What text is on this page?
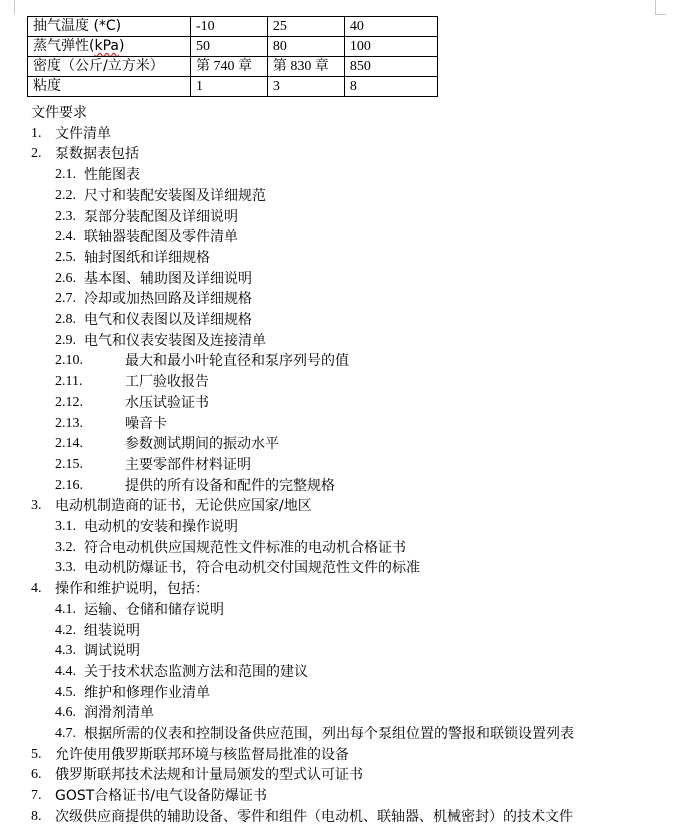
抽气温度 (*C)	-10	25	40
蒸气弹性(kPa)	50	80	100
密度（公斤/立方米）	第 740 章	第 830 章	850
粘度	1	3	8
文件要求
1. 文件清单
2. 泵数据表包括
2.1. 性能图表
2.2. 尺寸和装配安装图及详细规范
2.3. 泵部分装配图及详细说明
2.4. 联轴器装配图及零件清单
2.5. 轴封图纸和详细规格
2.6. 基本图、辅助图及详细说明
2.7. 冷却或加热回路及详细规格
2.8. 电气和仪表图以及详细规格
2.9. 电气和仪表安装图及连接清单
2.10.	最大和最小叶轮直径和泵序列号的值
2.11.	工厂验收报告
2.12.	水压试验证书
2.13.	噪音卡
2.14.	参数测试期间的振动水平
2.15.	主要零部件材料证明
2.16.	提供的所有设备和配件的完整规格
3. 电动机制造商的证书，无论供应国家/地区
3.1. 电动机的安装和操作说明
3.2. 符合电动机供应国规范性文件标准的电动机合格证书
3.3. 电动机防爆证书，符合电动机交付国规范性文件的标准
4. 操作和维护说明，包括：
4.1. 运输、仓储和储存说明
4.2. 组装说明
4.3. 调试说明
4.4. 关于技术状态监测方法和范围的建议
4.5. 维护和修理作业清单
4.6. 润滑剂清单
4.7. 根据所需的仪表和控制设备供应范围，列出每个泵组位置的警报和联锁设置列表
5. 允许使用俄罗斯联邦环境与核监督局批准的设备
6. 俄罗斯联邦技术法规和计量局颁发的型式认可证书
7. GOST合格证书/电气设备防爆证书
8. 次级供应商提供的辅助设备、零件和组件（电动机、联轴器、机械密封）的技术文件
